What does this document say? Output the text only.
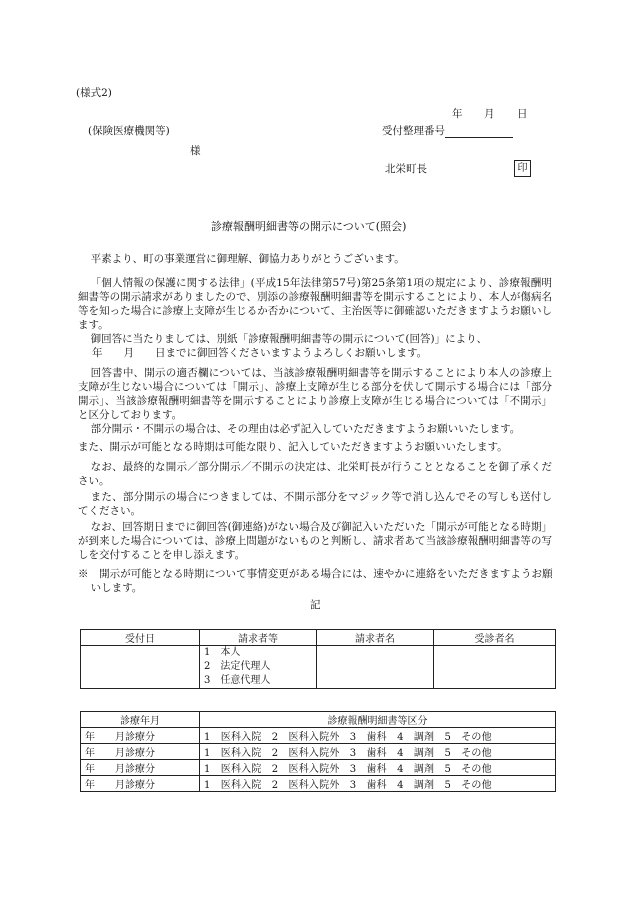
(様式2)
年 月 日
(保険医療機関等)	受付整理番号
様
北栄町長	印
診療報酬明細書等の開示について(照会)
平素より、町の事業運営に御理解、御協力ありがとうございます。
「個人情報の保護に関する法律」(平成15年法律第57号)第25条第1項の規定により、診療報酬明細書等の開示請求がありましたので、別添の診療報酬明細書等を開示することにより、本人が傷病名等を知った場合に診療上支障が生じるか否かについて、主治医等に御確認いただきますようお願いします。
御回答に当たりましては、別紙「診療報酬明細書等の開示について(回答)」により、
年　　月　　日までに御回答くださいますようよろしくお願いします。
回答書中、開示の適否欄については、当該診療報酬明細書等を開示することにより本人の診療上支障が生じない場合については「開示」、診療上支障が生じる部分を伏して開示する場合には「部分開示」、当該診療報酬明細書等を開示することにより診療上支障が生じる場合については「不開示」と区分しております。
部分開示・不開示の場合は、その理由は必ず記入していただきますようお願いいたします。
また、開示が可能となる時期は可能な限り、記入していただきますようお願いいたします。
なお、最終的な開示／部分開示／不開示の決定は、北栄町長が行うこととなることを御了承ください。
また、部分開示の場合につきましては、不開示部分をマジック等で消し込んでその写しも送付してください。
なお、回答期日までに御回答(御連絡)がない場合及び御記入いただいた「開示が可能となる時期」が到来した場合については、診療上問題がないものと判断し、請求者あて当該診療報酬明細書等の写しを交付することを申し添えます。
※　開示が可能となる時期について事情変更がある場合には、速やかに連絡をいただきますようお願いします。
記
受付日	請求者等	請求者名	受診者名

	1　本人
2　法定代理人
3　任意代理人		

診療年月	診療報酬明細書等区分
年　　月診療分	1　医科入院　2　医科入院外　3　歯科　4　調剤　5　その他
年　　月診療分	1　医科入院　2　医科入院外　3　歯科　4　調剤　5　その他
年　　月診療分	1　医科入院　2　医科入院外　3　歯科　4　調剤　5　その他
年　　月診療分	1　医科入院　2　医科入院外　3　歯科　4　調剤　5　その他
